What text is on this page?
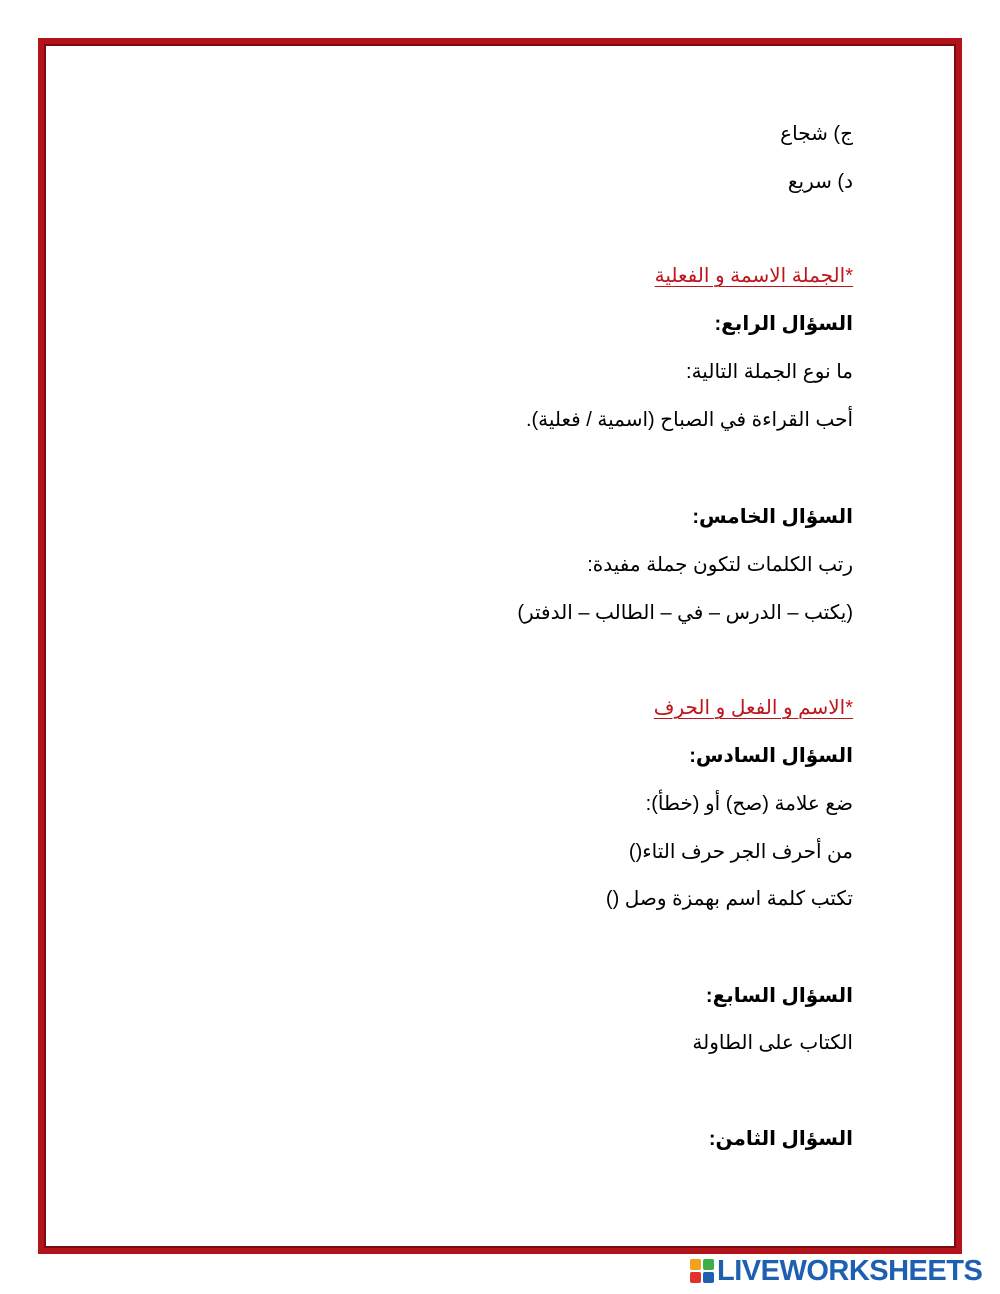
ج) شجاع
د) سريع
*الجملة الاسمة و الفعلية
السؤال الرابع:
ما نوع الجملة التالية:
أحب القراءة في الصباح (اسمية / فعلية).
السؤال الخامس:
رتب الكلمات لتكون جملة مفيدة:
(يكتب – الدرس – في – الطالب – الدفتر)
*الاسم و الفعل و الحرف
السؤال السادس:
ضع علامة (صح) أو (خطأ):
من أحرف الجر حرف التاء()
تكتب كلمة اسم بهمزة وصل ()
السؤال السابع:
الكتاب على الطاولة
السؤال الثامن:
LIVEWORKSHEETS
